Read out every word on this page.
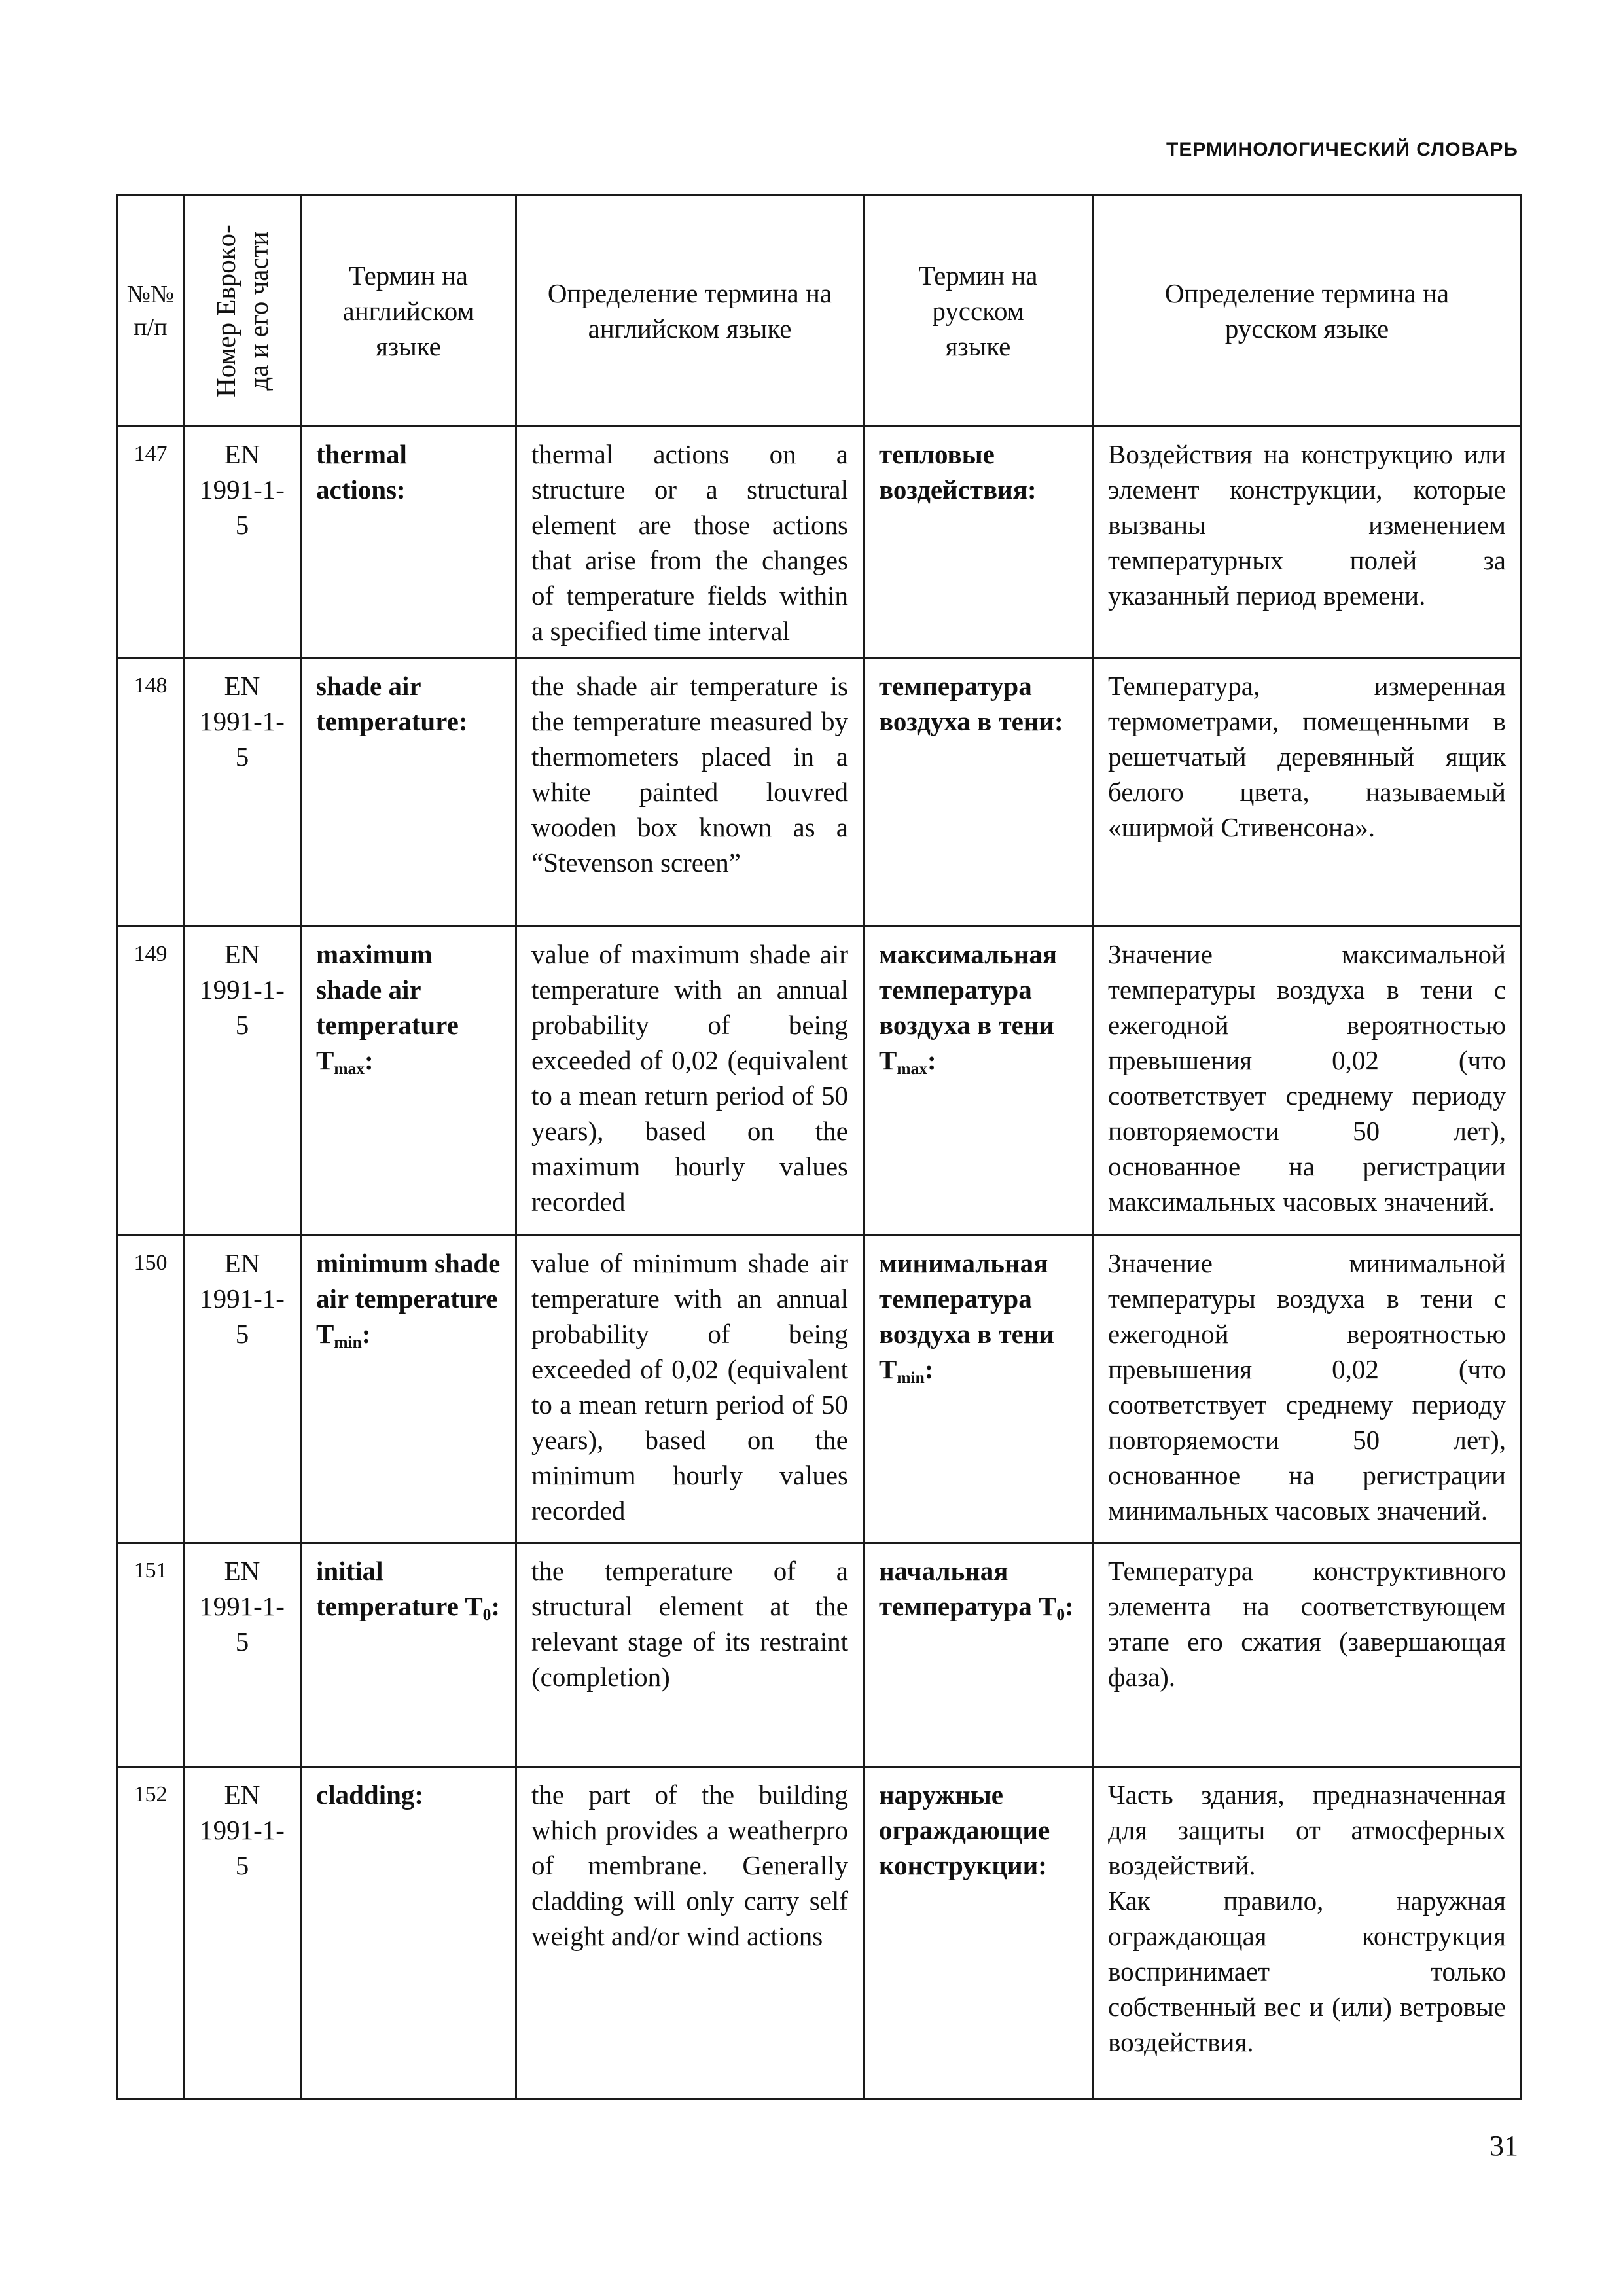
ТЕРМИНОЛОГИЧЕСКИЙ СЛОВАРЬ
№№
п/п	Номер Еврокo- да и его части	Термин на английском языке	Определение термина на английском языке	Термин на русском языке	Определение термина на русском языке
147	EN 1991-1-5	thermal actions:	thermal actions on a structure or a structural element are those actions that arise from the changes of temperature fields within a specified time interval	тепловые воздействия:	Воздействия на конструкцию или элемент конструкции, которые вызваны изменением температурных полей за указанный период времени.
148	EN 1991-1-5	shade air temperature:	the shade air temperature is the temperature measured by thermometers placed in a white painted louvred wooden box known as a “Stevenson screen”	температура воздуха в тени:	Температура, измеренная термометрами, помещенными в решетчатый деревянный ящик белого цвета, называемый «ширмой Стивенсона».
149	EN 1991-1-5	maximum shade air temperature $T_{max}$:	value of maximum shade air temperature with an annual probability of being exceeded of 0,02 (equivalent to a mean return period of 50 years), based on the maximum hourly values recorded	максимальная температура воздуха в тени $T_{max}$:	Значение максимальной температуры воздуха в тени с ежегодной вероятностью превышения 0,02 (что соответствует среднему периоду повторяемости 50 лет), основанное на регистрации максимальных часовых значений.
150	EN 1991-1-5	minimum shade air temperature $T_{min}$:	value of minimum shade air temperature with an annual probability of being exceeded of 0,02 (equivalent to a mean return period of 50 years), based on the minimum hourly values recorded	минимальная температура воздуха в тени $T_{min}$:	Значение минимальной температуры воздуха в тени с ежегодной вероятностью превышения 0,02 (что соответствует среднему периоду повторяемости 50 лет), основанное на регистрации минимальных часовых значений.
151	EN 1991-1-5	initial temperature $T_0$:	the temperature of a structural element at the relevant stage of its restraint (completion)	начальная температура $T_0$:	Температура конструктивного элемента на соответствующем этапе его сжатия (завершающая фаза).
152	EN 1991-1-5	cladding:	the part of the building which provides a weatherpro of membrane. Generally cladding will only carry self weight and/or wind actions	наружные ограждающие конструкции:	Часть здания, предназначенная для защиты от атмосферных воздействий.
Как правило, наружная ограждающая конструкция воспринимает только собственный вес и (или) ветровые воздействия.
31
